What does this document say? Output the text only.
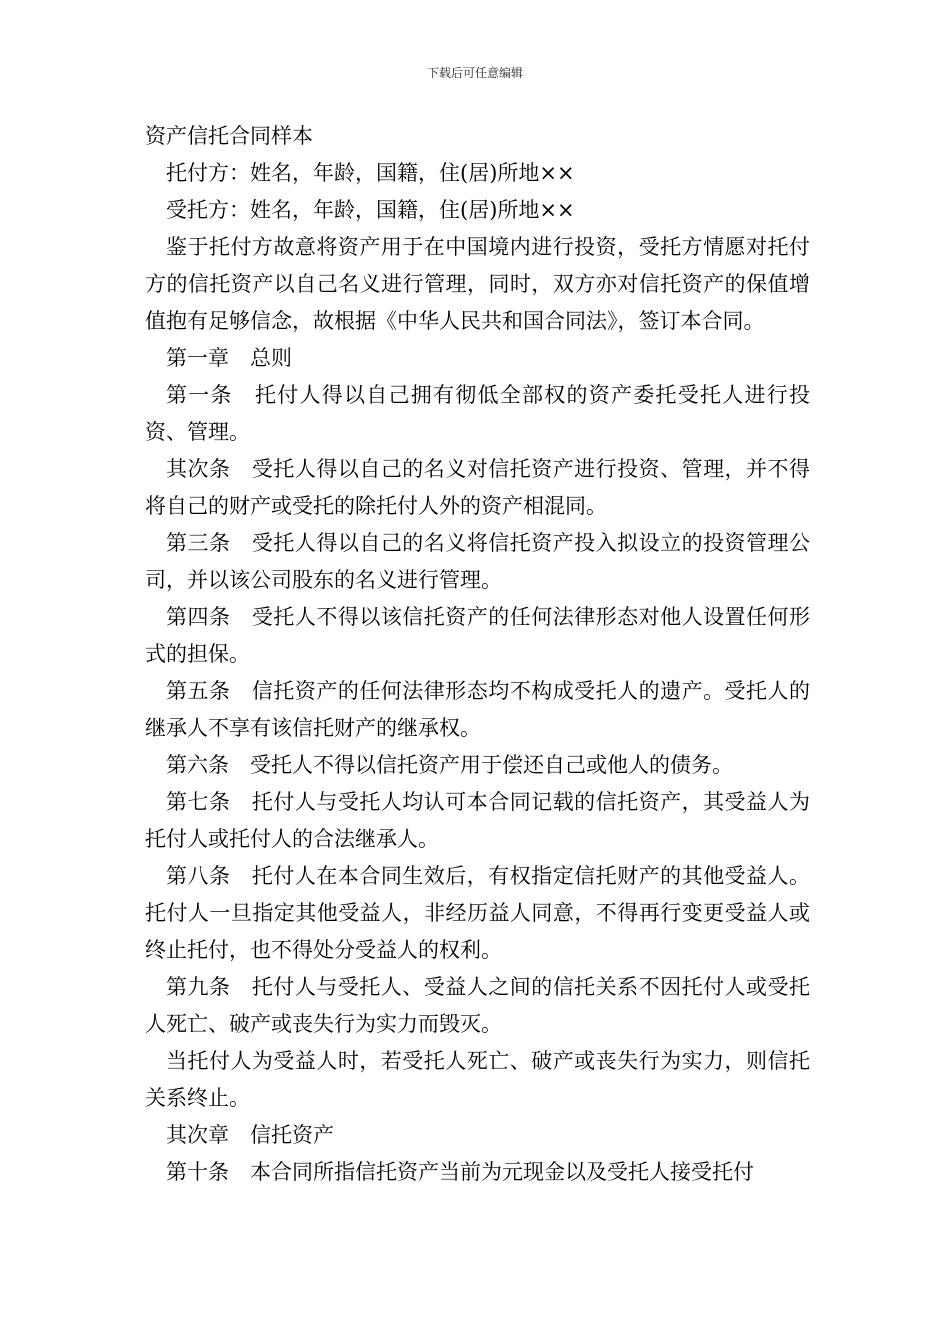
下载后可任意编辑

资产信托合同样本

托付方：姓名，年龄，国籍，住(居)所地××

受托方：姓名，年龄，国籍，住(居)所地××

鉴于托付方故意将资产用于在中国境内进行投资，受托方情愿对托付方的信托资产以自己名义进行管理，同时，双方亦对信托资产的保值增值抱有足够信念，故根据《中华人民共和国合同法》，签订本合同。

第一章　总则

第一条　托付人得以自己拥有彻低全部权的资产委托受托人进行投资、管理。

其次条　受托人得以自己的名义对信托资产进行投资、管理，并不得将自己的财产或受托的除托付人外的资产相混同。

第三条　受托人得以自己的名义将信托资产投入拟设立的投资管理公司，并以该公司股东的名义进行管理。

第四条　受托人不得以该信托资产的任何法律形态对他人设置任何形式的担保。

第五条　信托资产的任何法律形态均不构成受托人的遗产。受托人的继承人不享有该信托财产的继承权。

第六条　受托人不得以信托资产用于偿还自己或他人的债务。

第七条　托付人与受托人均认可本合同记载的信托资产，其受益人为托付人或托付人的合法继承人。

第八条　托付人在本合同生效后，有权指定信托财产的其他受益人。托付人一旦指定其他受益人，非经历益人同意，不得再行变更受益人或终止托付，也不得处分受益人的权利。

第九条　托付人与受托人、受益人之间的信托关系不因托付人或受托人死亡、破产或丧失行为实力而毁灭。

当托付人为受益人时，若受托人死亡、破产或丧失行为实力，则信托关系终止。

其次章　信托资产

第十条　本合同所指信托资产当前为元现金以及受托人接受托付
